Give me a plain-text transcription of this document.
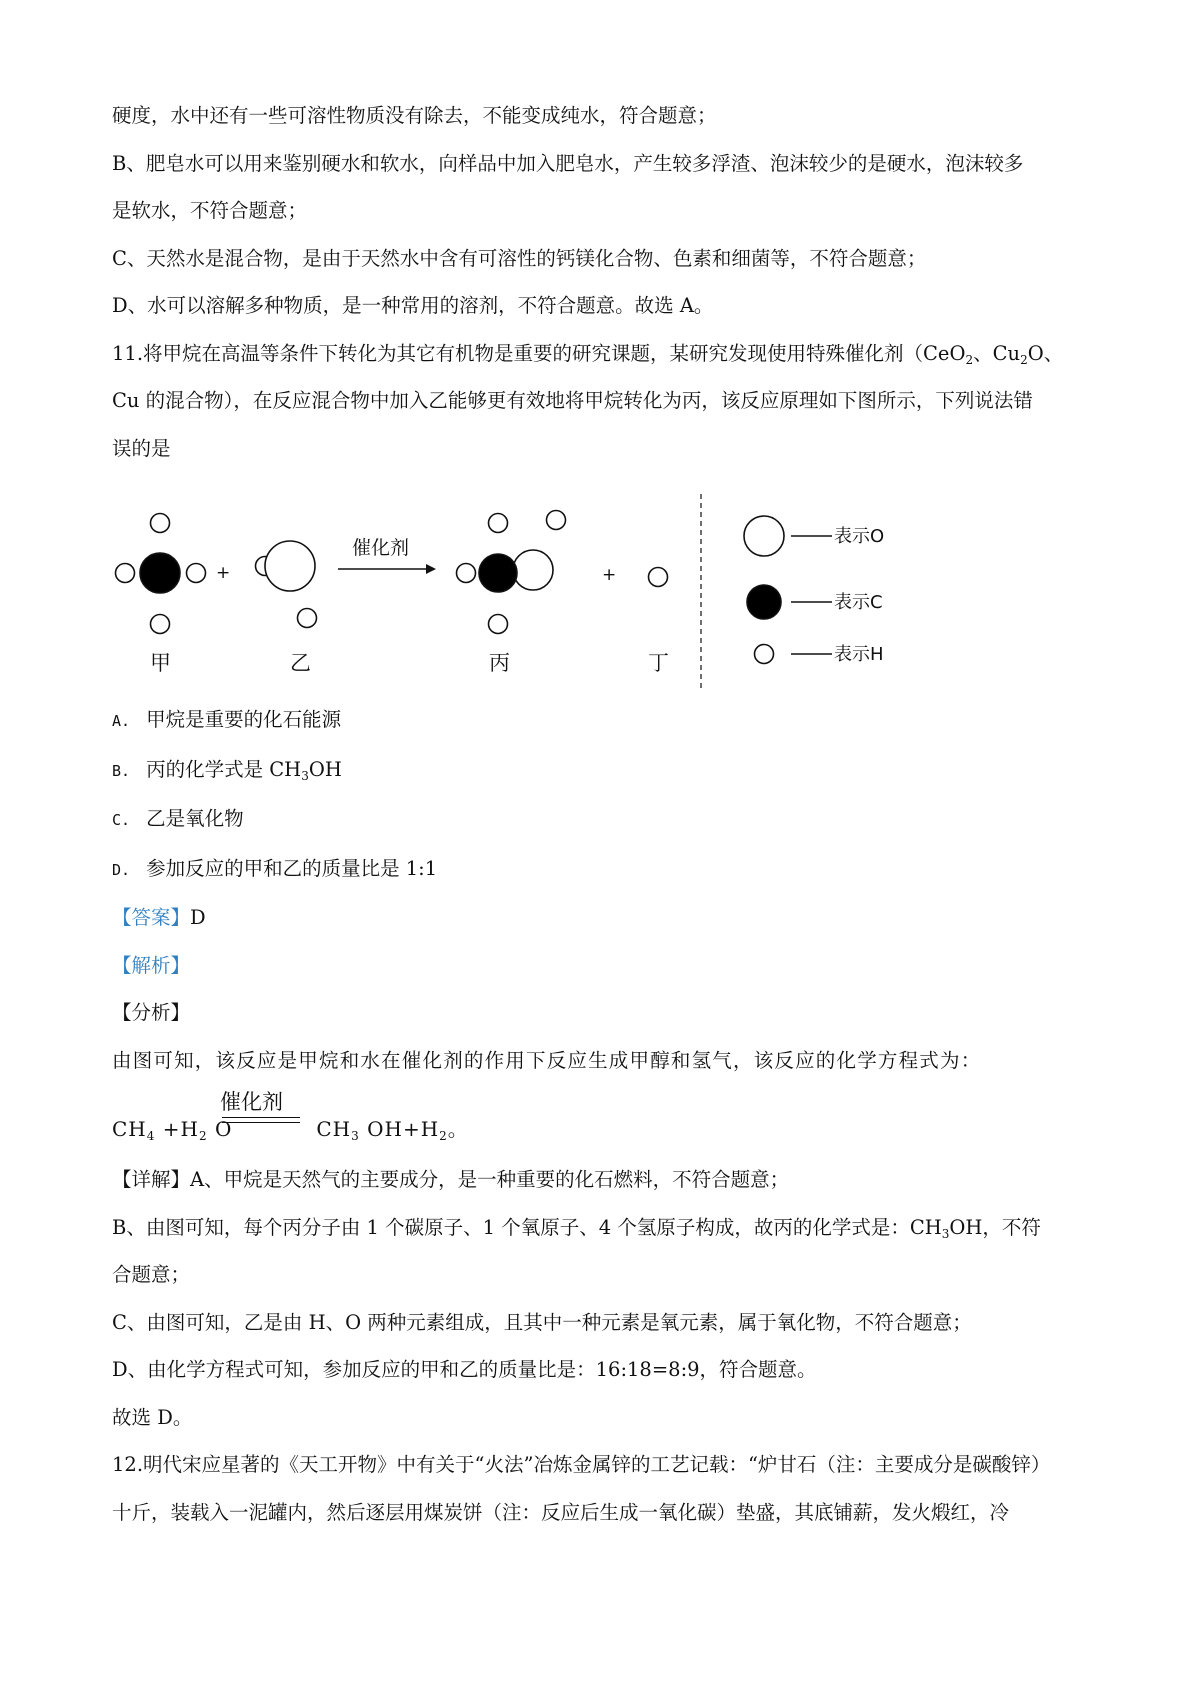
硬度，水中还有一些可溶性物质没有除去，不能变成纯水，符合题意；

B、肥皂水可以用来鉴别硬水和软水，向样品中加入肥皂水，产生较多浮渣、泡沫较少的是硬水，泡沫较多

是软水，不符合题意；

C、天然水是混合物，是由于天然水中含有可溶性的钙镁化合物、色素和细菌等，不符合题意；

D、水可以溶解多种物质，是一种常用的溶剂，不符合题意。故选 A。

11.将甲烷在高温等条件下转化为其它有机物是重要的研究课题，某研究发现使用特殊催化剂（CeO$_2$、$Cu_2O$、

Cu 的混合物），在反应混合物中加入乙能够更有效地将甲烷转化为丙，该反应原理如下图所示，下列说法错

误的是

+
催化剂
+
甲	乙	丙	丁
表示O
表示C
表示H

A. 甲烷是重要的化石能源

B. 丙的化学式是 $CH_3OH$

C. 乙是氧化物

D. 参加反应的甲和乙的质量比是 1:1

【答案】D

【解析】

【分析】

由图可知，该反应是甲烷和水在催化剂的作用下反应生成甲醇和氢气，该反应的化学方程式为：

催化剂
$CH_4 +H_2$ O	$CH_3$ $OH+H_2$。

【详解】A、甲烷是天然气的主要成分，是一种重要的化石燃料，不符合题意；

B、由图可知，每个丙分子由 1 个碳原子、1 个氧原子、4 个氢原子构成，故丙的化学式是：$CH_3OH$，不符

合题意；

C、由图可知，乙是由 H、O 两种元素组成，且其中一种元素是氧元素，属于氧化物，不符合题意；

D、由化学方程式可知，参加反应的甲和乙的质量比是：16:18=8:9，符合题意。

故选 D。

12.明代宋应星著的《天工开物》中有关于“火法”冶炼金属锌的工艺记载：“炉甘石（注：主要成分是碳酸锌）

十斤，装载入一泥罐内，然后逐层用煤炭饼（注：反应后生成一氧化碳）垫盛，其底铺薪，发火煅红，冷
